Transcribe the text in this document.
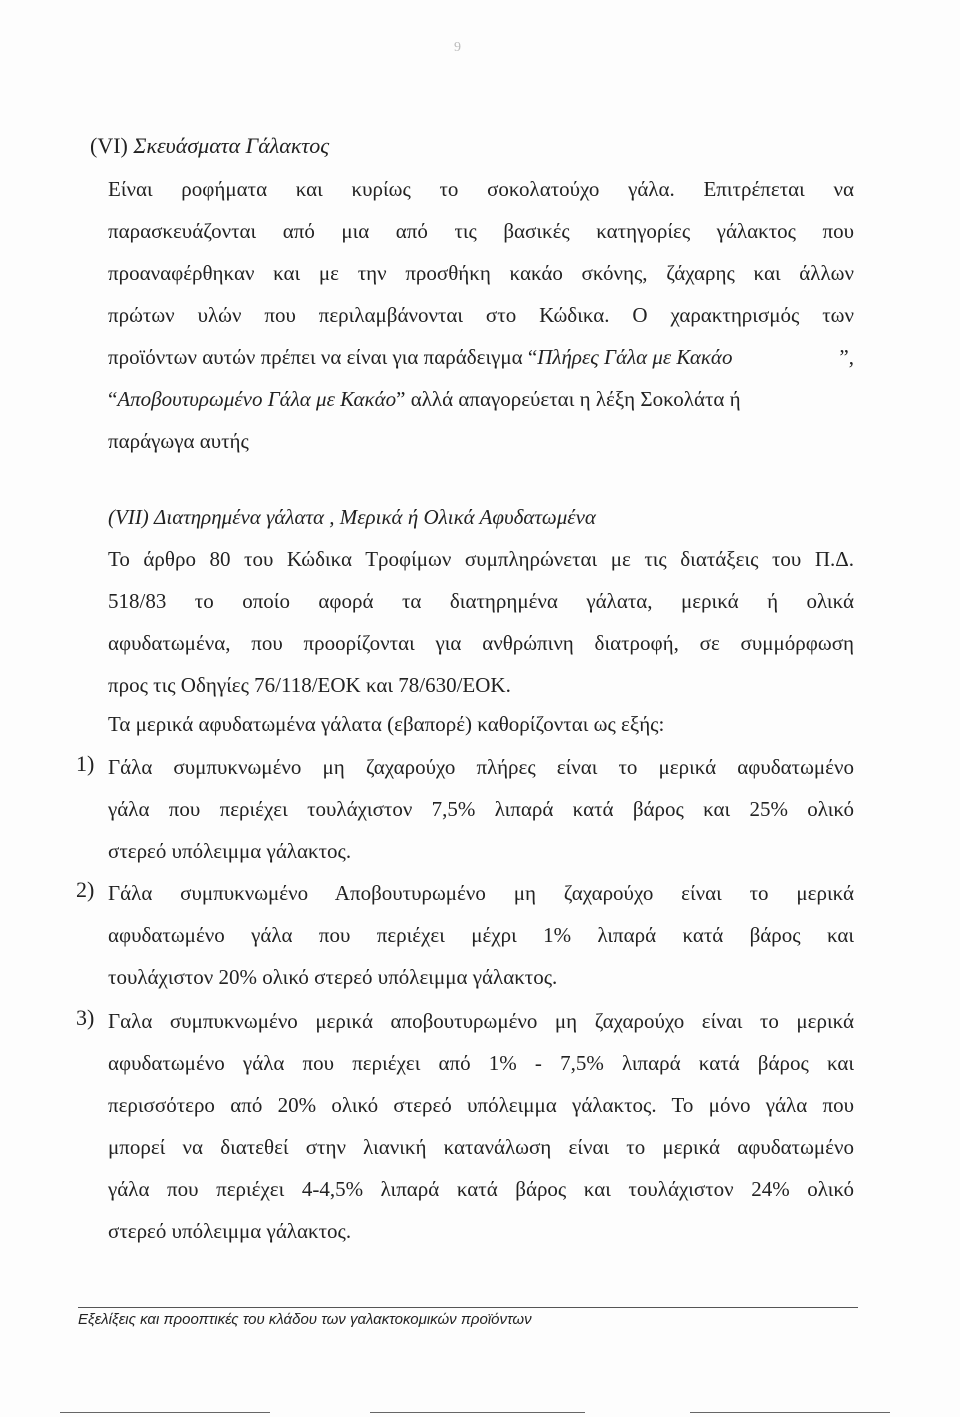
9
(VI) Σκευάσματα Γάλακτος
Είναι ροφήματα και κυρίως το σοκολατούχο γάλα. Επιτρέπεται να
παρασκευάζονται από μια από τις βασικές κατηγορίες γάλακτος που
προαναφέρθηκαν και με την προσθήκη κακάο σκόνης, ζάχαρης και άλλων
πρώτων υλών που περιλαμβάνονται στο Κώδικα. Ο χαρακτηρισμός των
προϊόντων αυτών πρέπει να είναι για παράδειγμα “ Πλήρες Γάλα με Κακάο	”,
“ Αποβουτυρωμένο Γάλα με Κακάο ” αλλά απαγορεύεται η λέξη Σοκολάτα ή
παράγωγα αυτής
(VII) Διατηρημένα γάλατα , Μερικά ή Ολικά Αφυδατωμένα
Το άρθρο 80 του Κώδικα Τροφίμων συμπληρώνεται με τις διατάξεις του Π.Δ.
518/83 το οποίο αφορά τα διατηρημένα γάλατα, μερικά ή ολικά
αφυδατωμένα, που προορίζονται για ανθρώπινη διατροφή, σε συμμόρφωση
προς τις Οδηγίες 76/118/ΕΟΚ και 78/630/ΕΟΚ.
Τα μερικά αφυδατωμένα γάλατα (εβαπορέ) καθορίζονται ως εξής:
1) Γάλα συμπυκνωμένο μη ζαχαρούχο πλήρες είναι το μερικά αφυδατωμένο
γάλα που περιέχει τουλάχιστον 7,5% λιπαρά κατά βάρος και 25% ολικό
στερεό υπόλειμμα γάλακτος.
2) Γάλα συμπυκνωμένο Αποβουτυρωμένο μη ζαχαρούχο είναι το μερικά
αφυδατωμένο γάλα που περιέχει μέχρι 1% λιπαρά κατά βάρος και
τουλάχιστον 20% ολικό στερεό υπόλειμμα γάλακτος.
3) Γαλα συμπυκνωμένο μερικά αποβουτυρωμένο μη ζαχαρούχο είναι το μερικά
αφυδατωμένο γάλα που περιέχει από 1% - 7,5% λιπαρά κατά βάρος και
περισσότερο από 20% ολικό στερεό υπόλειμμα γάλακτος. Το μόνο γάλα που
μπορεί να διατεθεί στην λιανική κατανάλωση είναι το μερικά αφυδατωμένο
γάλα που περιέχει 4-4,5% λιπαρά κατά βάρος και τουλάχιστον 24% ολικό
στερεό υπόλειμμα γάλακτος.
Εξελίξεις και προοπτικές του κλάδου των γαλακτοκομικών προϊόντων
